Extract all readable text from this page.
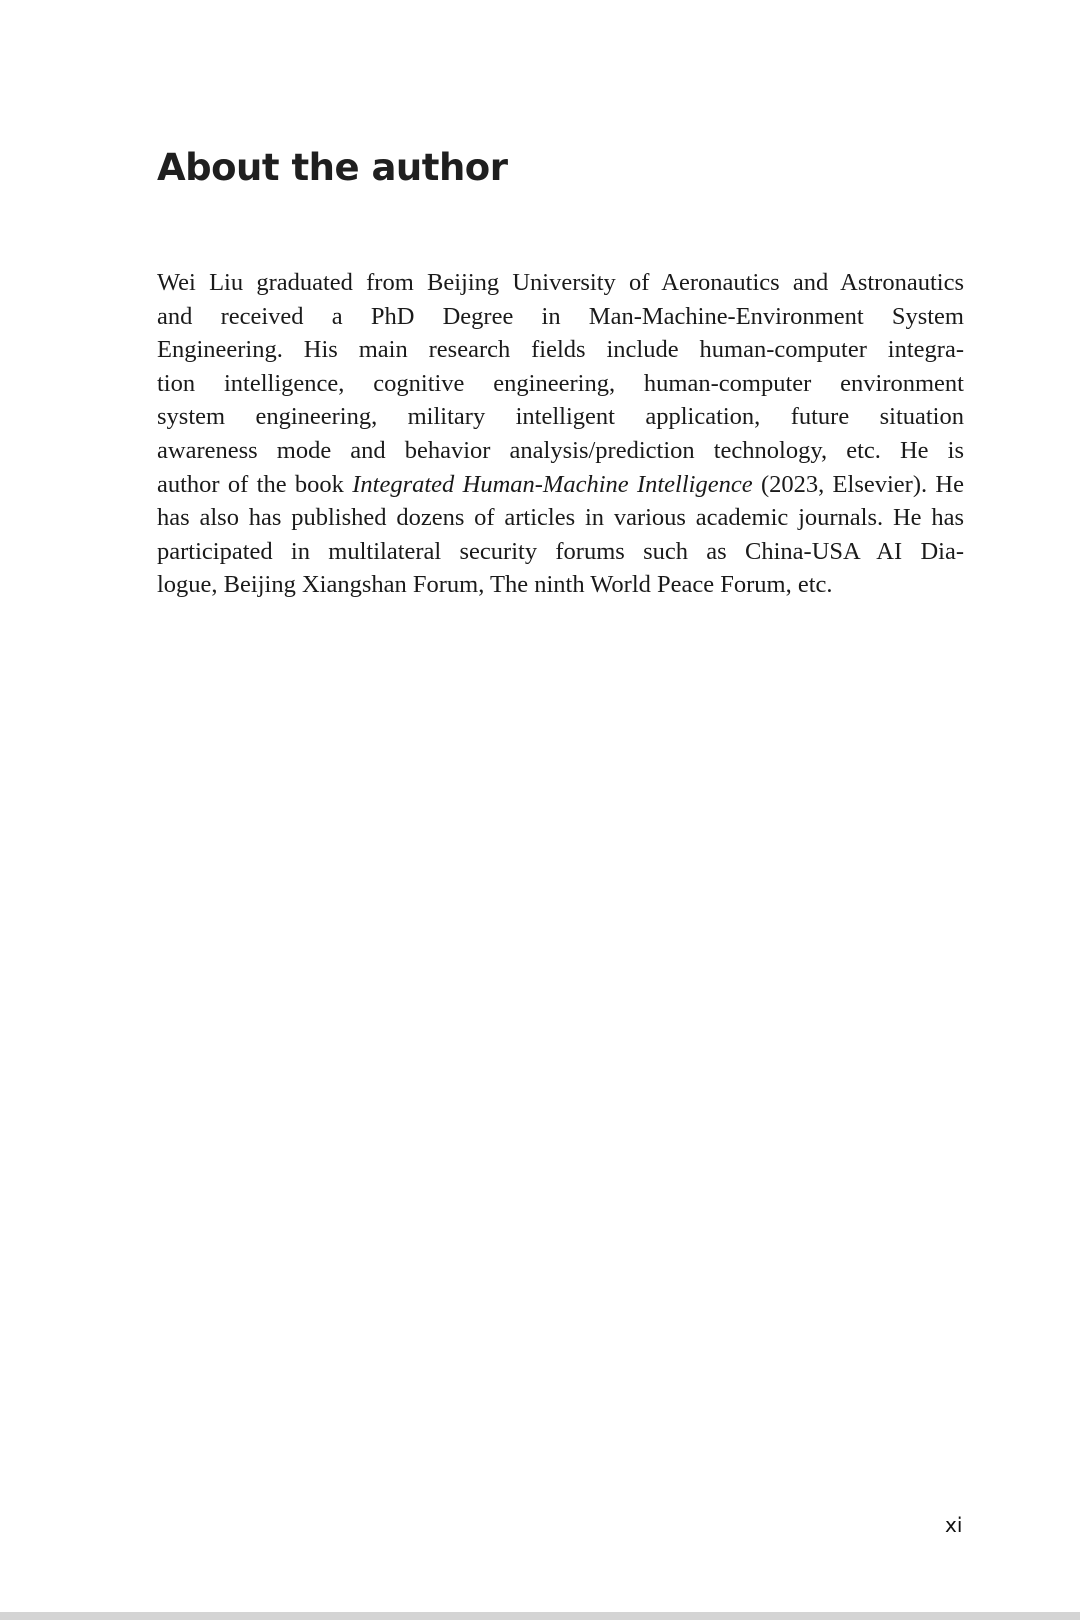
About the author
Wei Liu graduated from Beijing University of Aeronautics and Astronautics
and received a PhD Degree in Man-Machine-Environment System
Engineering. His main research fields include human-computer integra-
tion intelligence, cognitive engineering, human-computer environment
system engineering, military intelligent application, future situation
awareness mode and behavior analysis/prediction technology, etc. He is
author of the book Integrated Human-Machine Intelligence (2023, Elsevier). He
has also has published dozens of articles in various academic journals. He has
participated in multilateral security forums such as China-USA AI Dia-
logue, Beijing Xiangshan Forum, The ninth World Peace Forum, etc.
xi
